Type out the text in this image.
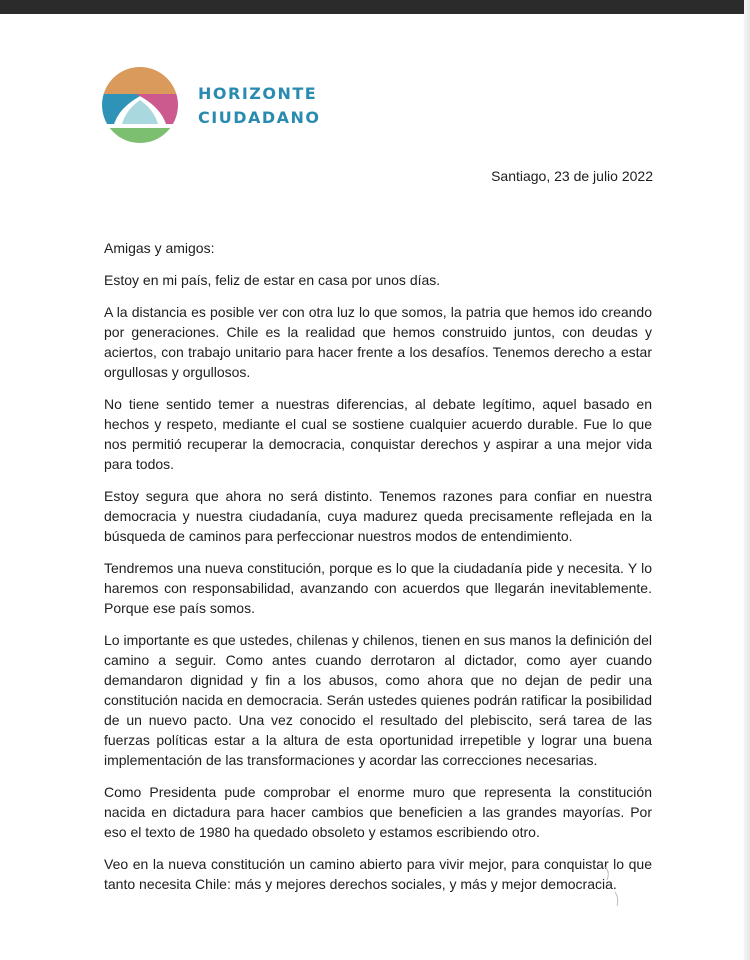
HORIZONTE
CIUDADANO
Santiago, 23 de julio 2022

Amigas y amigos:

Estoy en mi país, feliz de estar en casa por unos días.

A la distancia es posible ver con otra luz lo que somos, la patria que hemos ido creando por generaciones. Chile es la realidad que hemos construido juntos, con deudas y aciertos, con trabajo unitario para hacer frente a los desafíos. Tenemos derecho a estar orgullosas y orgullosos.

No tiene sentido temer a nuestras diferencias, al debate legítimo, aquel basado en hechos y respeto, mediante el cual se sostiene cualquier acuerdo durable. Fue lo que nos permitió recuperar la democracia, conquistar derechos y aspirar a una mejor vida para todos.

Estoy segura que ahora no será distinto. Tenemos razones para confiar en nuestra democracia y nuestra ciudadanía, cuya madurez queda precisamente reflejada en la búsqueda de caminos para perfeccionar nuestros modos de entendimiento.

Tendremos una nueva constitución, porque es lo que la ciudadanía pide y necesita. Y lo haremos con responsabilidad, avanzando con acuerdos que llegarán inevitablemente. Porque ese país somos.

Lo importante es que ustedes, chilenas y chilenos, tienen en sus manos la definición del camino a seguir. Como antes cuando derrotaron al dictador, como ayer cuando demandaron dignidad y fin a los abusos, como ahora que no dejan de pedir una constitución nacida en democracia. Serán ustedes quienes podrán ratificar la posibilidad de un nuevo pacto. Una vez conocido el resultado del plebiscito, será tarea de las fuerzas políticas estar a la altura de esta oportunidad irrepetible y lograr una buena implementación de las transformaciones y acordar las correcciones necesarias.

Como Presidenta pude comprobar el enorme muro que representa la constitución nacida en dictadura para hacer cambios que beneficien a las grandes mayorías. Por eso el texto de 1980 ha quedado obsoleto y estamos escribiendo otro.

Veo en la nueva constitución un camino abierto para vivir mejor, para conquistar lo que tanto necesita Chile: más y mejores derechos sociales, y más y mejor democracia.
